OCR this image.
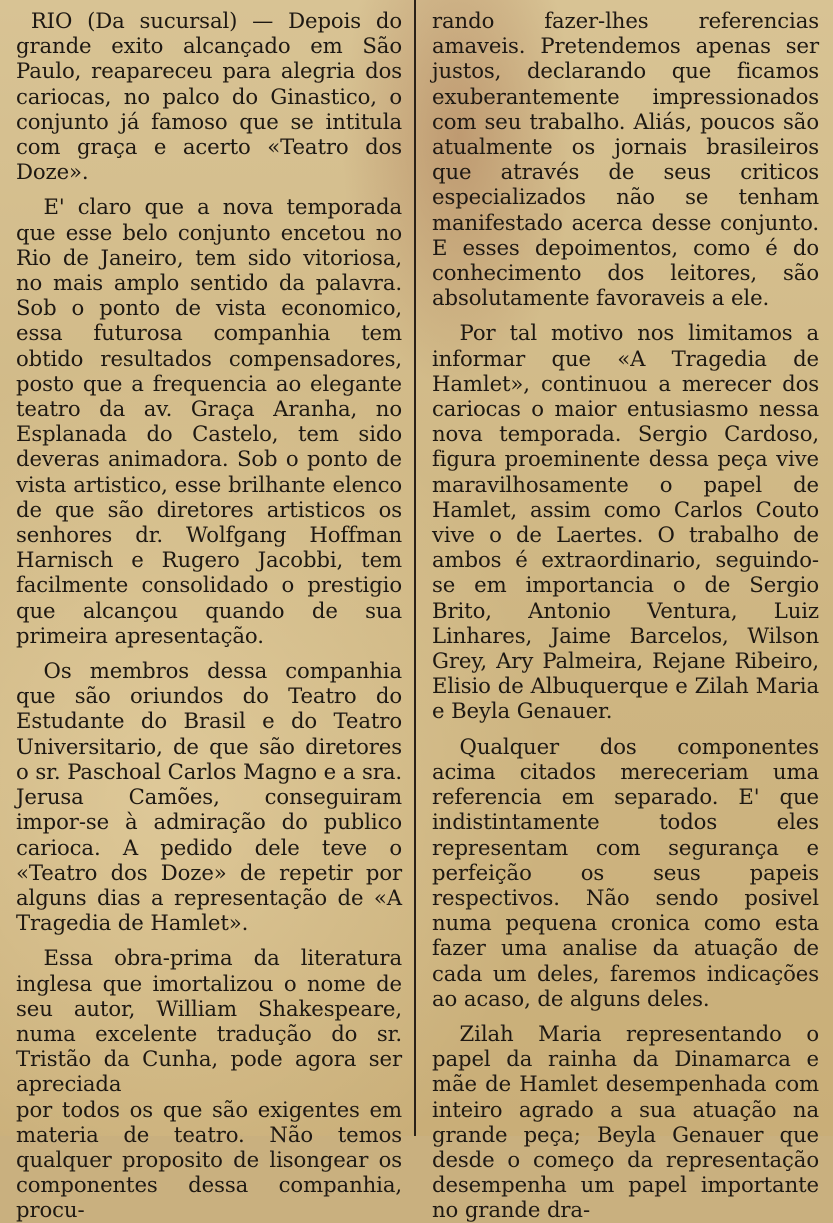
RIO (Da sucursal) — Depois do grande exito alcançado em São Paulo, reapareceu para alegria dos cariocas, no palco do Ginastico, o conjunto já famoso que se intitula com graça e acerto «Teatro dos Doze».

E' claro que a nova temporada que esse belo conjunto encetou no Rio de Janeiro, tem sido vitoriosa, no mais amplo sentido da palavra. Sob o ponto de vista economico, essa futurosa companhia tem obtido resultados compensadores, posto que a frequencia ao elegante teatro da av. Graça Aranha, no Esplanada do Castelo, tem sido deveras animadora. Sob o ponto de vista artistico, esse brilhante elenco de que são diretores artisticos os senhores dr. Wolfgang Hoffman Harnisch e Rugero Jacobbi, tem facilmente consolidado o prestigio que alcançou quando de sua primeira apresentação.

Os membros dessa companhia que são oriundos do Teatro do Estudante do Brasil e do Teatro Universitario, de que são diretores o sr. Paschoal Carlos Magno e a sra. Jerusa Camões, conseguiram impor-se à admiração do publico carioca. A pedido dele teve o «Teatro dos Doze» de repetir por alguns dias a representação de «A Tragedia de Hamlet».

Essa obra-prima da literatura inglesa que imortalizou o nome de seu autor, William Shakespeare, numa excelente tradução do sr. Tristão da Cunha, pode agora ser apreciada

por todos os que são exigentes em materia de teatro. Não temos qualquer proposito de lisongear os componentes dessa companhia, procu-

rando fazer-lhes referencias amaveis. Pretendemos apenas ser justos, declarando que ficamos exuberantemente impressionados com seu trabalho. Aliás, poucos são atualmente os jornais brasileiros que através de seus criticos especializados não se tenham manifestado acerca desse conjunto. E esses depoimentos, como é do conhecimento dos leitores, são absolutamente favoraveis a ele.

Por tal motivo nos limitamos a informar que «A Tragedia de Hamlet», continuou a merecer dos cariocas o maior entusiasmo nessa nova temporada. Sergio Cardoso, figura proeminente dessa peça vive maravilhosamente o papel de Hamlet, assim como Carlos Couto vive o de Laertes. O trabalho de ambos é extraordinario, seguindo-se em importancia o de Sergio Brito, Antonio Ventura, Luiz Linhares, Jaime Barcelos, Wilson Grey, Ary Palmeira, Rejane Ribeiro, Elisio de Albuquerque e Zilah Maria e Beyla Genauer.

Qualquer dos componentes acima citados mereceriam uma referencia em separado. E' que indistintamente todos eles representam com segurança e perfeição os seus papeis respectivos. Não sendo posivel numa pequena cronica como esta fazer uma analise da atuação de cada um deles, faremos indicações ao acaso, de alguns deles.

Zilah Maria representando o papel da rainha da Dinamarca e mãe de Hamlet desempenhada com inteiro agrado a sua atuação na grande peça; Beyla Genauer que desde o começo da representação desempenha um papel importante no grande dra-
